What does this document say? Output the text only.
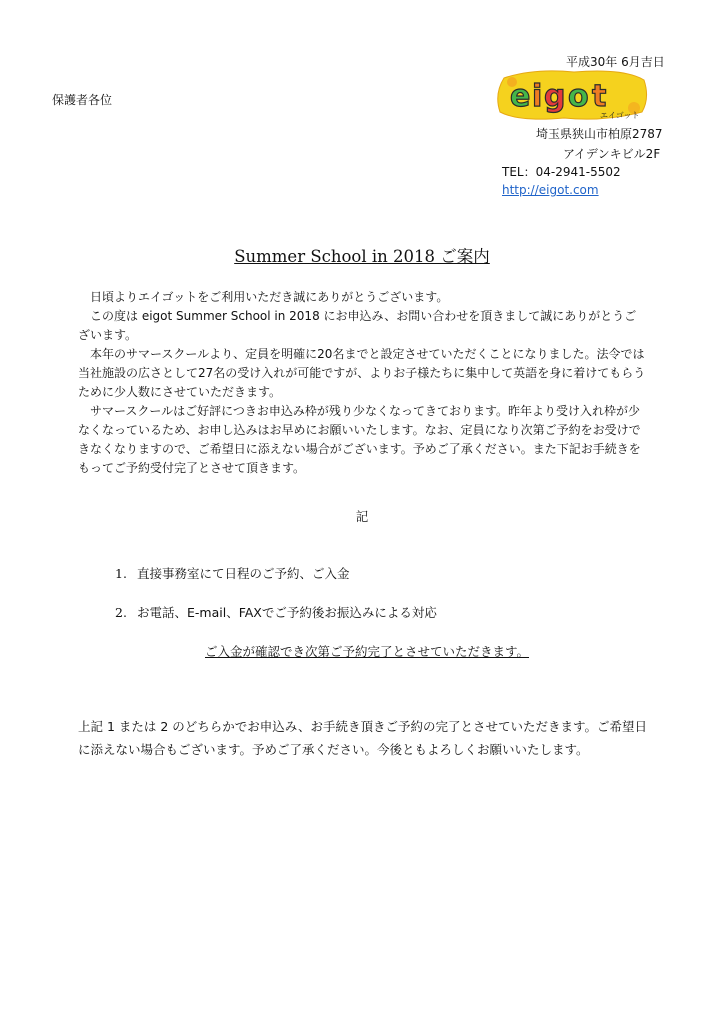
平成30年 6月吉日
保護者各位	e i g o t
エイゴット
埼玉県狭山市柏原2787
アイデンキビル2F
TEL：04-2941-5502
http://eigot.com
Summer School in 2018 ご案内

　日頃よりエイゴットをご利用いただき誠にありがとうございます。

　この度は eigot Summer School in 2018 にお申込み、お問い合わせを頂きまして誠にありがとうございます。

　本年のサマースクールより、定員を明確に20名までと設定させていただくことになりました。法令では当社施設の広さとして27名の受け入れが可能ですが、よりお子様たちに集中して英語を身に着けてもらうために少人数にさせていただきます。

　サマースクールはご好評につきお申込み枠が残り少なくなってきております。昨年より受け入れ枠が少なくなっているため、お申し込みはお早めにお願いいたします。なお、定員になり次第ご予約をお受けできなくなりますので、ご希望日に添えない場合がございます。予めご了承ください。また下記お手続きをもってご予約受付完了とさせて頂きます。

記
1. 直接事務室にて日程のご予約、ご入金
2. お電話、E-mail、FAXでご予約後お振込みによる対応
ご入金が確認でき次第ご予約完了とさせていただきます。
上記 1 または 2 のどちらかでお申込み、お手続き頂きご予約の完了とさせていただきます。ご希望日に添えない場合もございます。予めご了承ください。今後ともよろしくお願いいたします。
